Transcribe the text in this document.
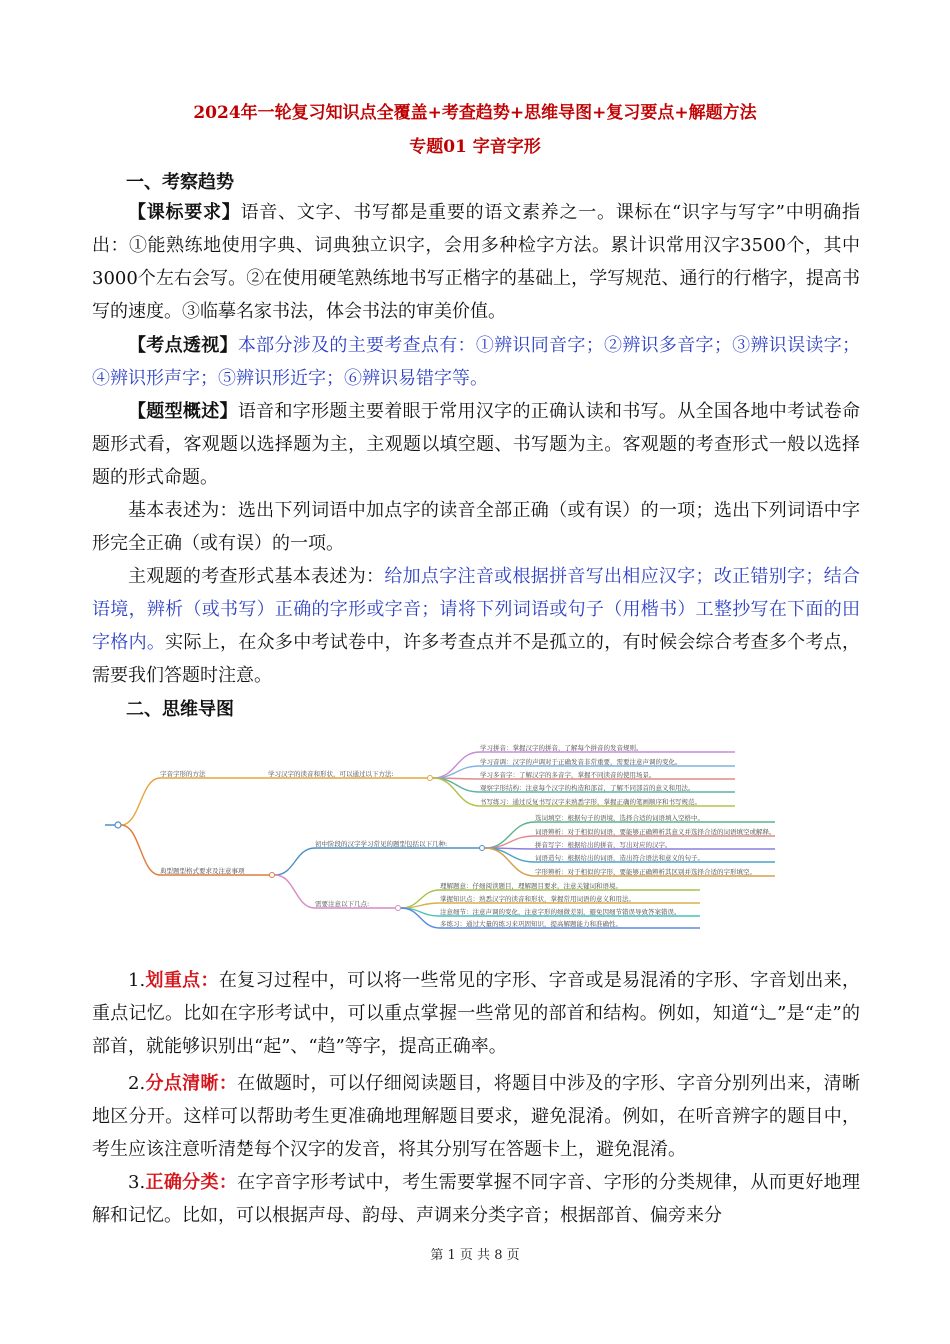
2024年一轮复习知识点全覆盖+考查趋势+思维导图+复习要点+解题方法
专题01 字音字形
一、考察趋势

【课标要求】语音、文字、书写都是重要的语文素养之一。课标在“识字与写字”中明确指出：①能熟练地使用字典、词典独立识字，会用多种检字方法。累计识常用汉字3500个，其中3000个左右会写。②在使用硬笔熟练地书写正楷字的基础上，学写规范、通行的行楷字，提高书写的速度。③临摹名家书法，体会书法的审美价值。

【考点透视】本部分涉及的主要考查点有：①辨识同音字；②辨识多音字；③辨识误读字；④辨识形声字；⑤辨识形近字；⑥辨识易错字等。

【题型概述】语音和字形题主要着眼于常用汉字的正确认读和书写。从全国各地中考试卷命题形式看，客观题以选择题为主，主观题以填空题、书写题为主。客观题的考查形式一般以选择题的形式命题。

基本表述为：选出下列词语中加点字的读音全部正确（或有误）的一项；选出下列词语中字形完全正确（或有误）的一项。

主观题的考查形式基本表述为：给加点字注音或根据拼音写出相应汉字；改正错别字；结合语境，辨析（或书写）正确的字形或字音；请将下列词语或句子（用楷书）工整抄写在下面的田字格内。实际上，在众多中考试卷中，许多考查点并不是孤立的，有时候会综合考查多个考点，需要我们答题时注意。

二、思维导图
字音字形的方法	学习汉字的读音和形状，可以通过以下方法:
学习拼音：掌握汉字的拼音，了解每个拼音的发音规则。
学习音调：汉字的声调对于正确发音非常重要，需要注意声调的变化。
学习多音字：了解汉字的多音字，掌握不同读音的使用场景。
观察字形结构：注意每个汉字的构造和部首，了解不同部首的意义和用法。
书写练习：通过反复书写汉字来熟悉字形，掌握正确的笔画顺序和书写规范。
典型题型格式要求及注意事项
初中阶段的汉字学习常见的题型包括以下几种:
选词填空：根据句子的语境，选择合适的词语填入空格中。
词语辨析：对于相似的词语，要能够正确辨析其意义并选择合适的词语填空或解释。
拼音写字：根据给出的拼音，写出对应的汉字。
词语造句：根据给出的词语，造出符合语法和意义的句子。
字形辨析：对于相似的字形，要能够正确辨析其区别并选择合适的字形填空。
需要注意以下几点:
理解题意：仔细阅读题目，理解题目要求，注意关键词和语境。
掌握知识点：熟悉汉字的读音和形状，掌握常用词语的意义和用法。
注意细节：注意声调的变化，注意字形的细微差别，避免因细节错误导致答案错误。
多练习：通过大量的练习来巩固知识，提高解题能力和准确性。

1.划重点：在复习过程中，可以将一些常见的字形、字音或是易混淆的字形、字音划出来，重点记忆。比如在字形考试中，可以重点掌握一些常见的部首和结构。例如，知道“辶”是“走”的部首，就能够识别出“起”、“趋”等字，提高正确率。

2.分点清晰：在做题时，可以仔细阅读题目，将题目中涉及的字形、字音分别列出来，清晰地区分开。这样可以帮助考生更准确地理解题目要求，避免混淆。例如，在听音辨字的题目中，考生应该注意听清楚每个汉字的发音，将其分别写在答题卡上，避免混淆。

3.正确分类：在字音字形考试中，考生需要掌握不同字音、字形的分类规律，从而更好地理解和记忆。比如，可以根据声母、韵母、声调来分类字音；根据部首、偏旁来分

第 1 页 共 8 页
